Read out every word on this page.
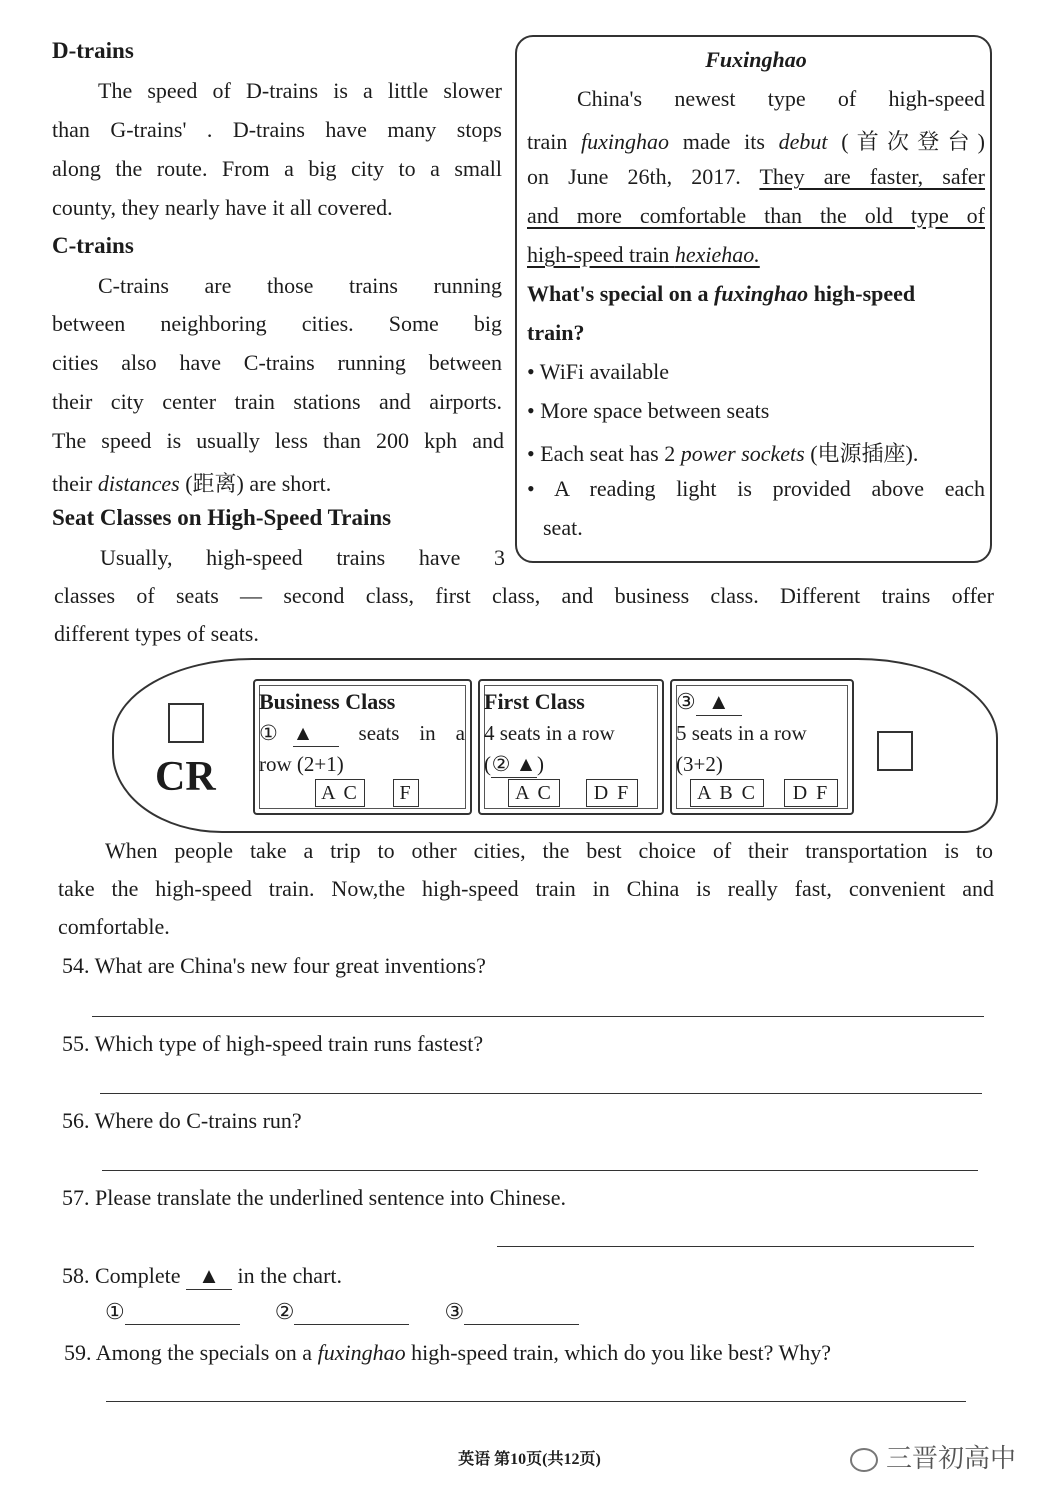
D-trains
The speed of D-trains is a little slower
than G-trains' . D-trains have many stops
along the route. From a big city to a small
county, they nearly have it all covered.
C-trains
C-trains are those trains running
between neighboring cities. Some big
cities also have C-trains running between
their city center train stations and airports.
The speed is usually less than 200 kph and
their distances (距离) are short.
Seat Classes on High-Speed Trains
Usually, high-speed trains have 3
classes of seats — second class, first class, and business class. Different trains offer
different types of seats.
Fuxinghao
China's newest type of high-speed
train fuxinghao made its debut (首次登台)
on June 26th, 2017. They are faster, safer
and more comfortable than the old type of
high-speed train hexiehao.
What's special on a fuxinghao high-speed
train?
• WiFi available
• More space between seats
• Each seat has 2 power sockets (电源插座).
• A reading light is provided above each
seat.
CR
Business Class
①▲ seats in a
row (2+1)
A C	F
First Class
4 seats in a row
(② ▲)
A C	D F
③ ▲
5 seats in a row
(3+2)
A B C	D F
When people take a trip to other cities, the best choice of their transportation is to
take the high-speed train. Now,the high-speed train in China is really fast, convenient and
comfortable.
54. What are China's new four great inventions?
55. Which type of high-speed train runs fastest?
56. Where do C-trains run?
57. Please translate the underlined sentence into Chinese.
58. Complete ▲ in the chart.
①	②	③
59. Among the specials on a fuxinghao high-speed train, which do you like best? Why?
英语 第10页(共12页)	三晋初高中
